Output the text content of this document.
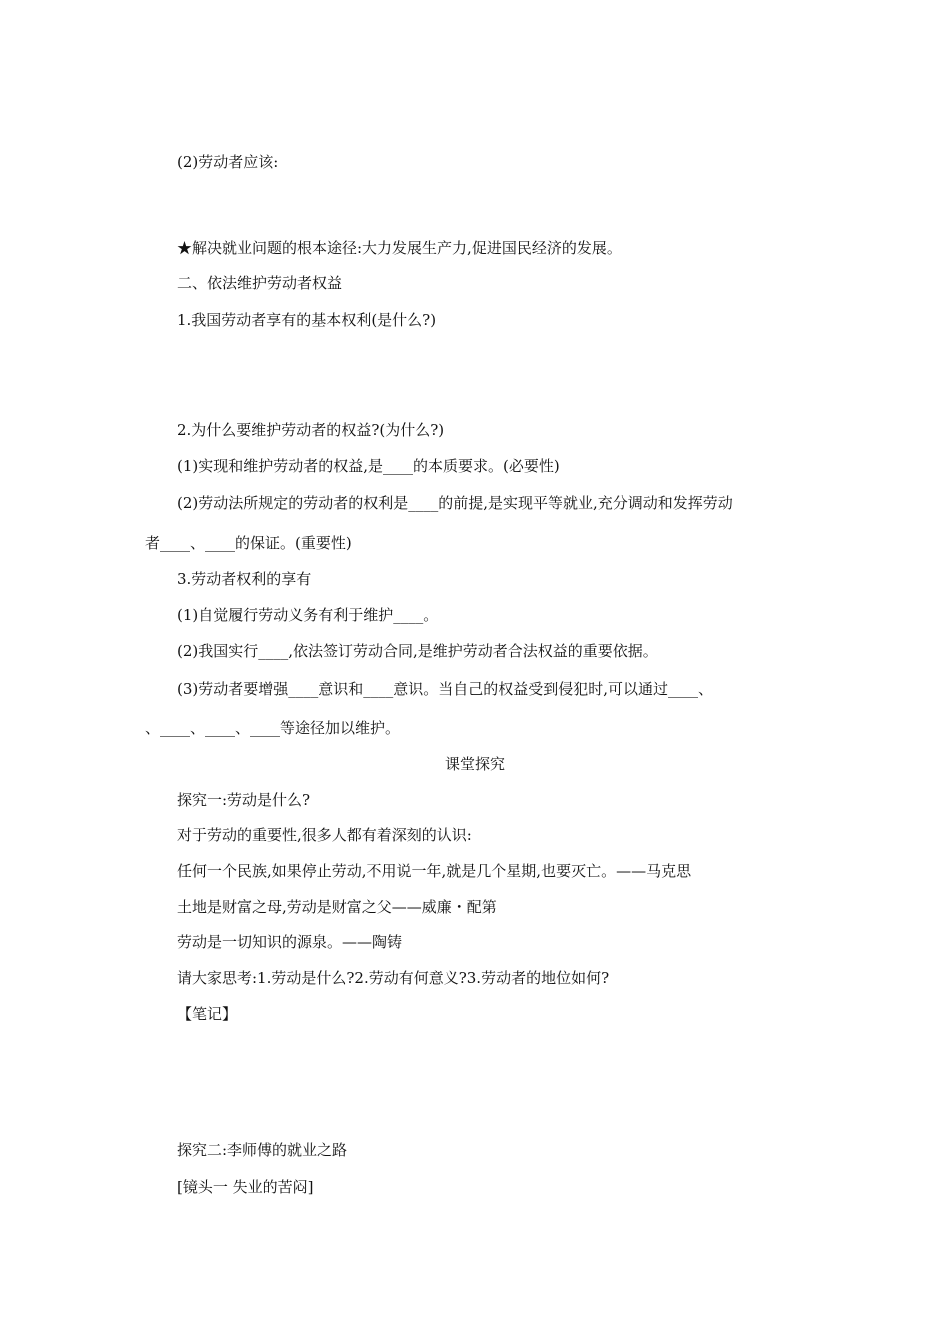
(2)劳动者应该:
★解决就业问题的根本途径:大力发展生产力,促进国民经济的发展。
二、依法维护劳动者权益
1.我国劳动者享有的基本权利(是什么?)
2.为什么要维护劳动者的权益?(为什么?)
(1)实现和维护劳动者的权益,是____的本质要求。(必要性)
(2)劳动法所规定的劳动者的权利是____的前提,是实现平等就业,充分调动和发挥劳动
者____、____的保证。(重要性)
3.劳动者权利的享有
(1)自觉履行劳动义务有利于维护____。
(2)我国实行____,依法签订劳动合同,是维护劳动者合法权益的重要依据。
(3)劳动者要增强____意识和____意识。当自己的权益受到侵犯时,可以通过____、
、____、____、____等途径加以维护。
课堂探究
探究一:劳动是什么?
对于劳动的重要性,很多人都有着深刻的认识:
任何一个民族,如果停止劳动,不用说一年,就是几个星期,也要灭亡。——马克思
土地是财富之母,劳动是财富之父——威廉・配第
劳动是一切知识的源泉。——陶铸
请大家思考:1.劳动是什么?2.劳动有何意义?3.劳动者的地位如何?
【笔记】
探究二:李师傅的就业之路
[镜头一 失业的苦闷]
